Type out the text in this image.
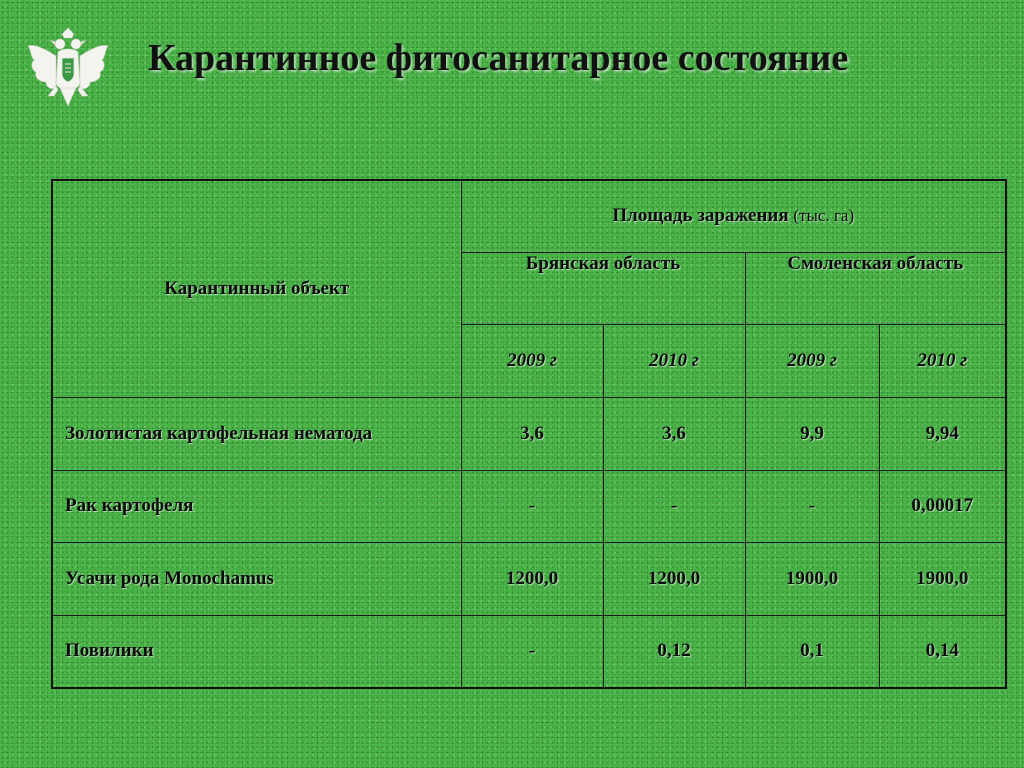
Карантинное фитосанитарное состояние
Карантинный объект	Площадь заражения (тыс. га)			
	Брянская область		Смоленская область	
	2009 г	2010 г	2009 г	2010 г
Золотистая картофельная нематода	3,6	3,6	9,9	9,94
Рак картофеля	-	-	-	0,00017
Усачи рода Monochamus	1200,0	1200,0	1900,0	1900,0
Повилики	-	0,12	0,1	0,14
